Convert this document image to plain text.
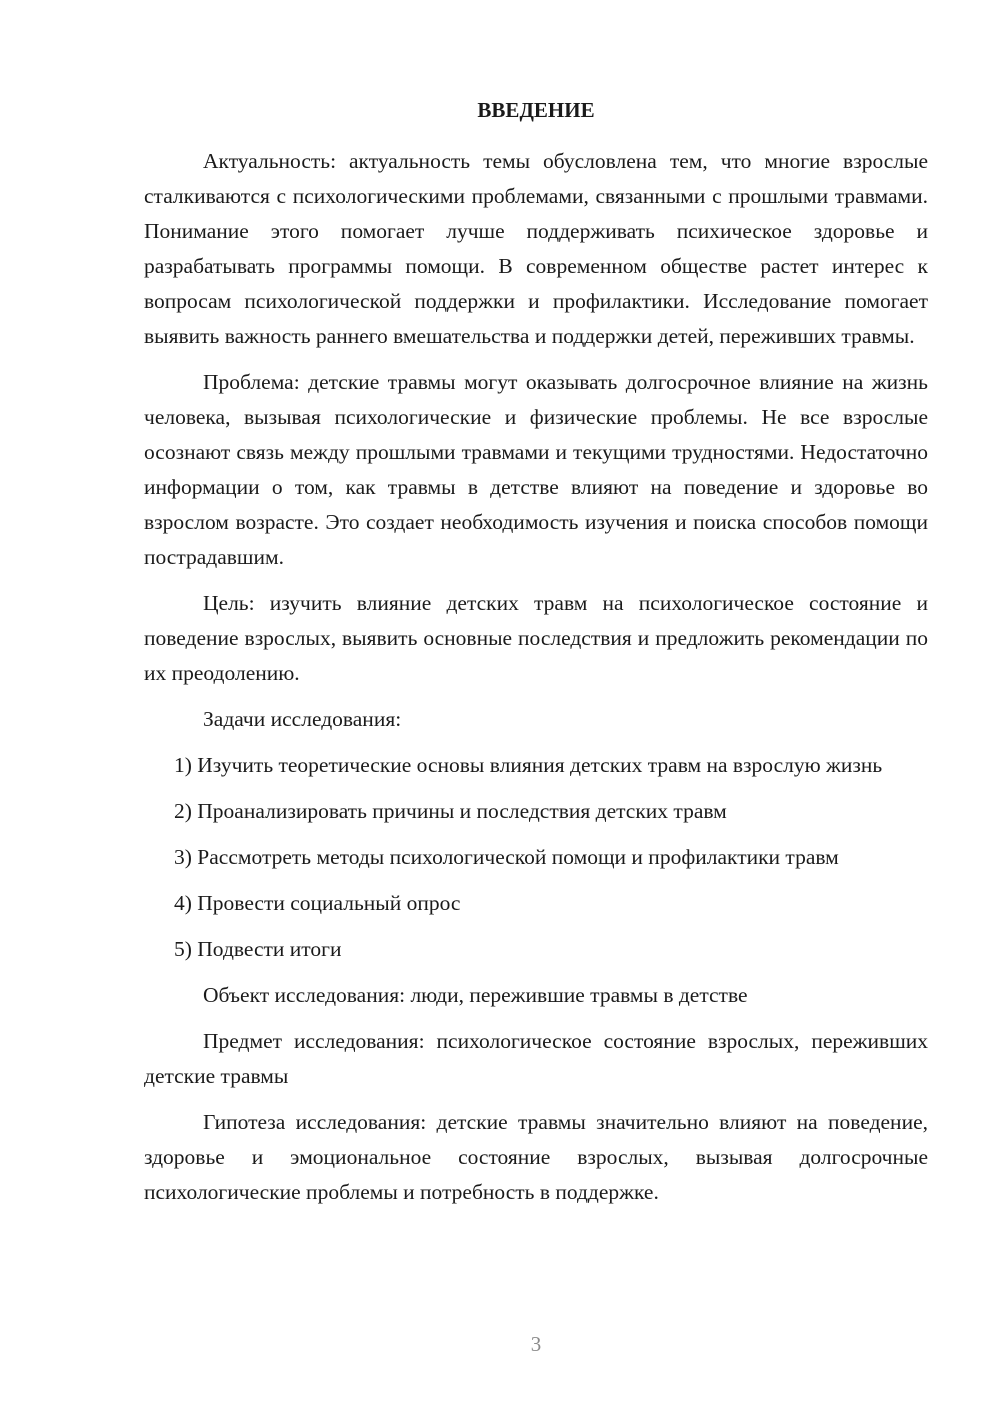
ВВЕДЕНИЕ

Актуальность: актуальность темы обусловлена тем, что многие взрослые сталкиваются с психологическими проблемами, связанными с прошлыми травмами. Понимание этого помогает лучше поддерживать психическое здоровье и разрабатывать программы помощи. В современном обществе растет интерес к вопросам психологической поддержки и профилактики. Исследование помогает выявить важность раннего вмешательства и поддержки детей, переживших травмы.

Проблема: детские травмы могут оказывать долгосрочное влияние на жизнь человека, вызывая психологические и физические проблемы. Не все взрослые осознают связь между прошлыми травмами и текущими трудностями. Недостаточно информации о том, как травмы в детстве влияют на поведение и здоровье во взрослом возрасте. Это создает необходимость изучения и поиска способов помощи пострадавшим.

Цель: изучить влияние детских травм на психологическое состояние и поведение взрослых, выявить основные последствия и предложить рекомендации по их преодолению.

Задачи исследования:

1) Изучить теоретические основы влияния детских травм на взрослую жизнь

2) Проанализировать причины и последствия детских травм

3) Рассмотреть методы психологической помощи и профилактики травм

4) Провести социальный опрос

5) Подвести итоги

Объект исследования: люди, пережившие травмы в детстве

Предмет исследования: психологическое состояние взрослых, переживших детские травмы

Гипотеза исследования: детские травмы значительно влияют на поведение, здоровье и эмоциональное состояние взрослых, вызывая долгосрочные психологические проблемы и потребность в поддержке.

3
